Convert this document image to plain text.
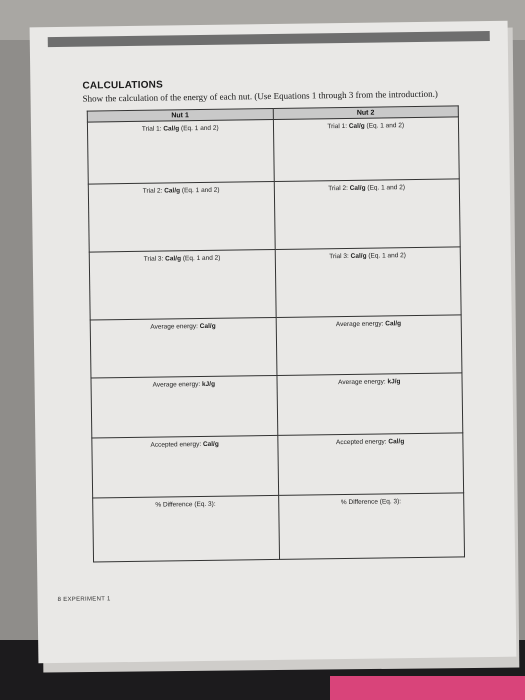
CALCULATIONS
Show the calculation of the energy of each nut. (Use Equations 1 through 3 from the introduction.)
Nut 1	Nut 2
Trial 1: Cal/g (Eq. 1 and 2)	Trial 1: Cal/g (Eq. 1 and 2)
Trial 2: Cal/g (Eq. 1 and 2)	Trial 2: Cal/g (Eq. 1 and 2)
Trial 3: Cal/g (Eq. 1 and 2)	Trial 3: Cal/g (Eq. 1 and 2)
Average energy: Cal/g	Average energy: Cal/g
Average energy: kJ/g	Average energy: kJ/g
Accepted energy: Cal/g	Accepted energy: Cal/g
% Difference (Eq. 3):	% Difference (Eq. 3):
8 EXPERIMENT 1
